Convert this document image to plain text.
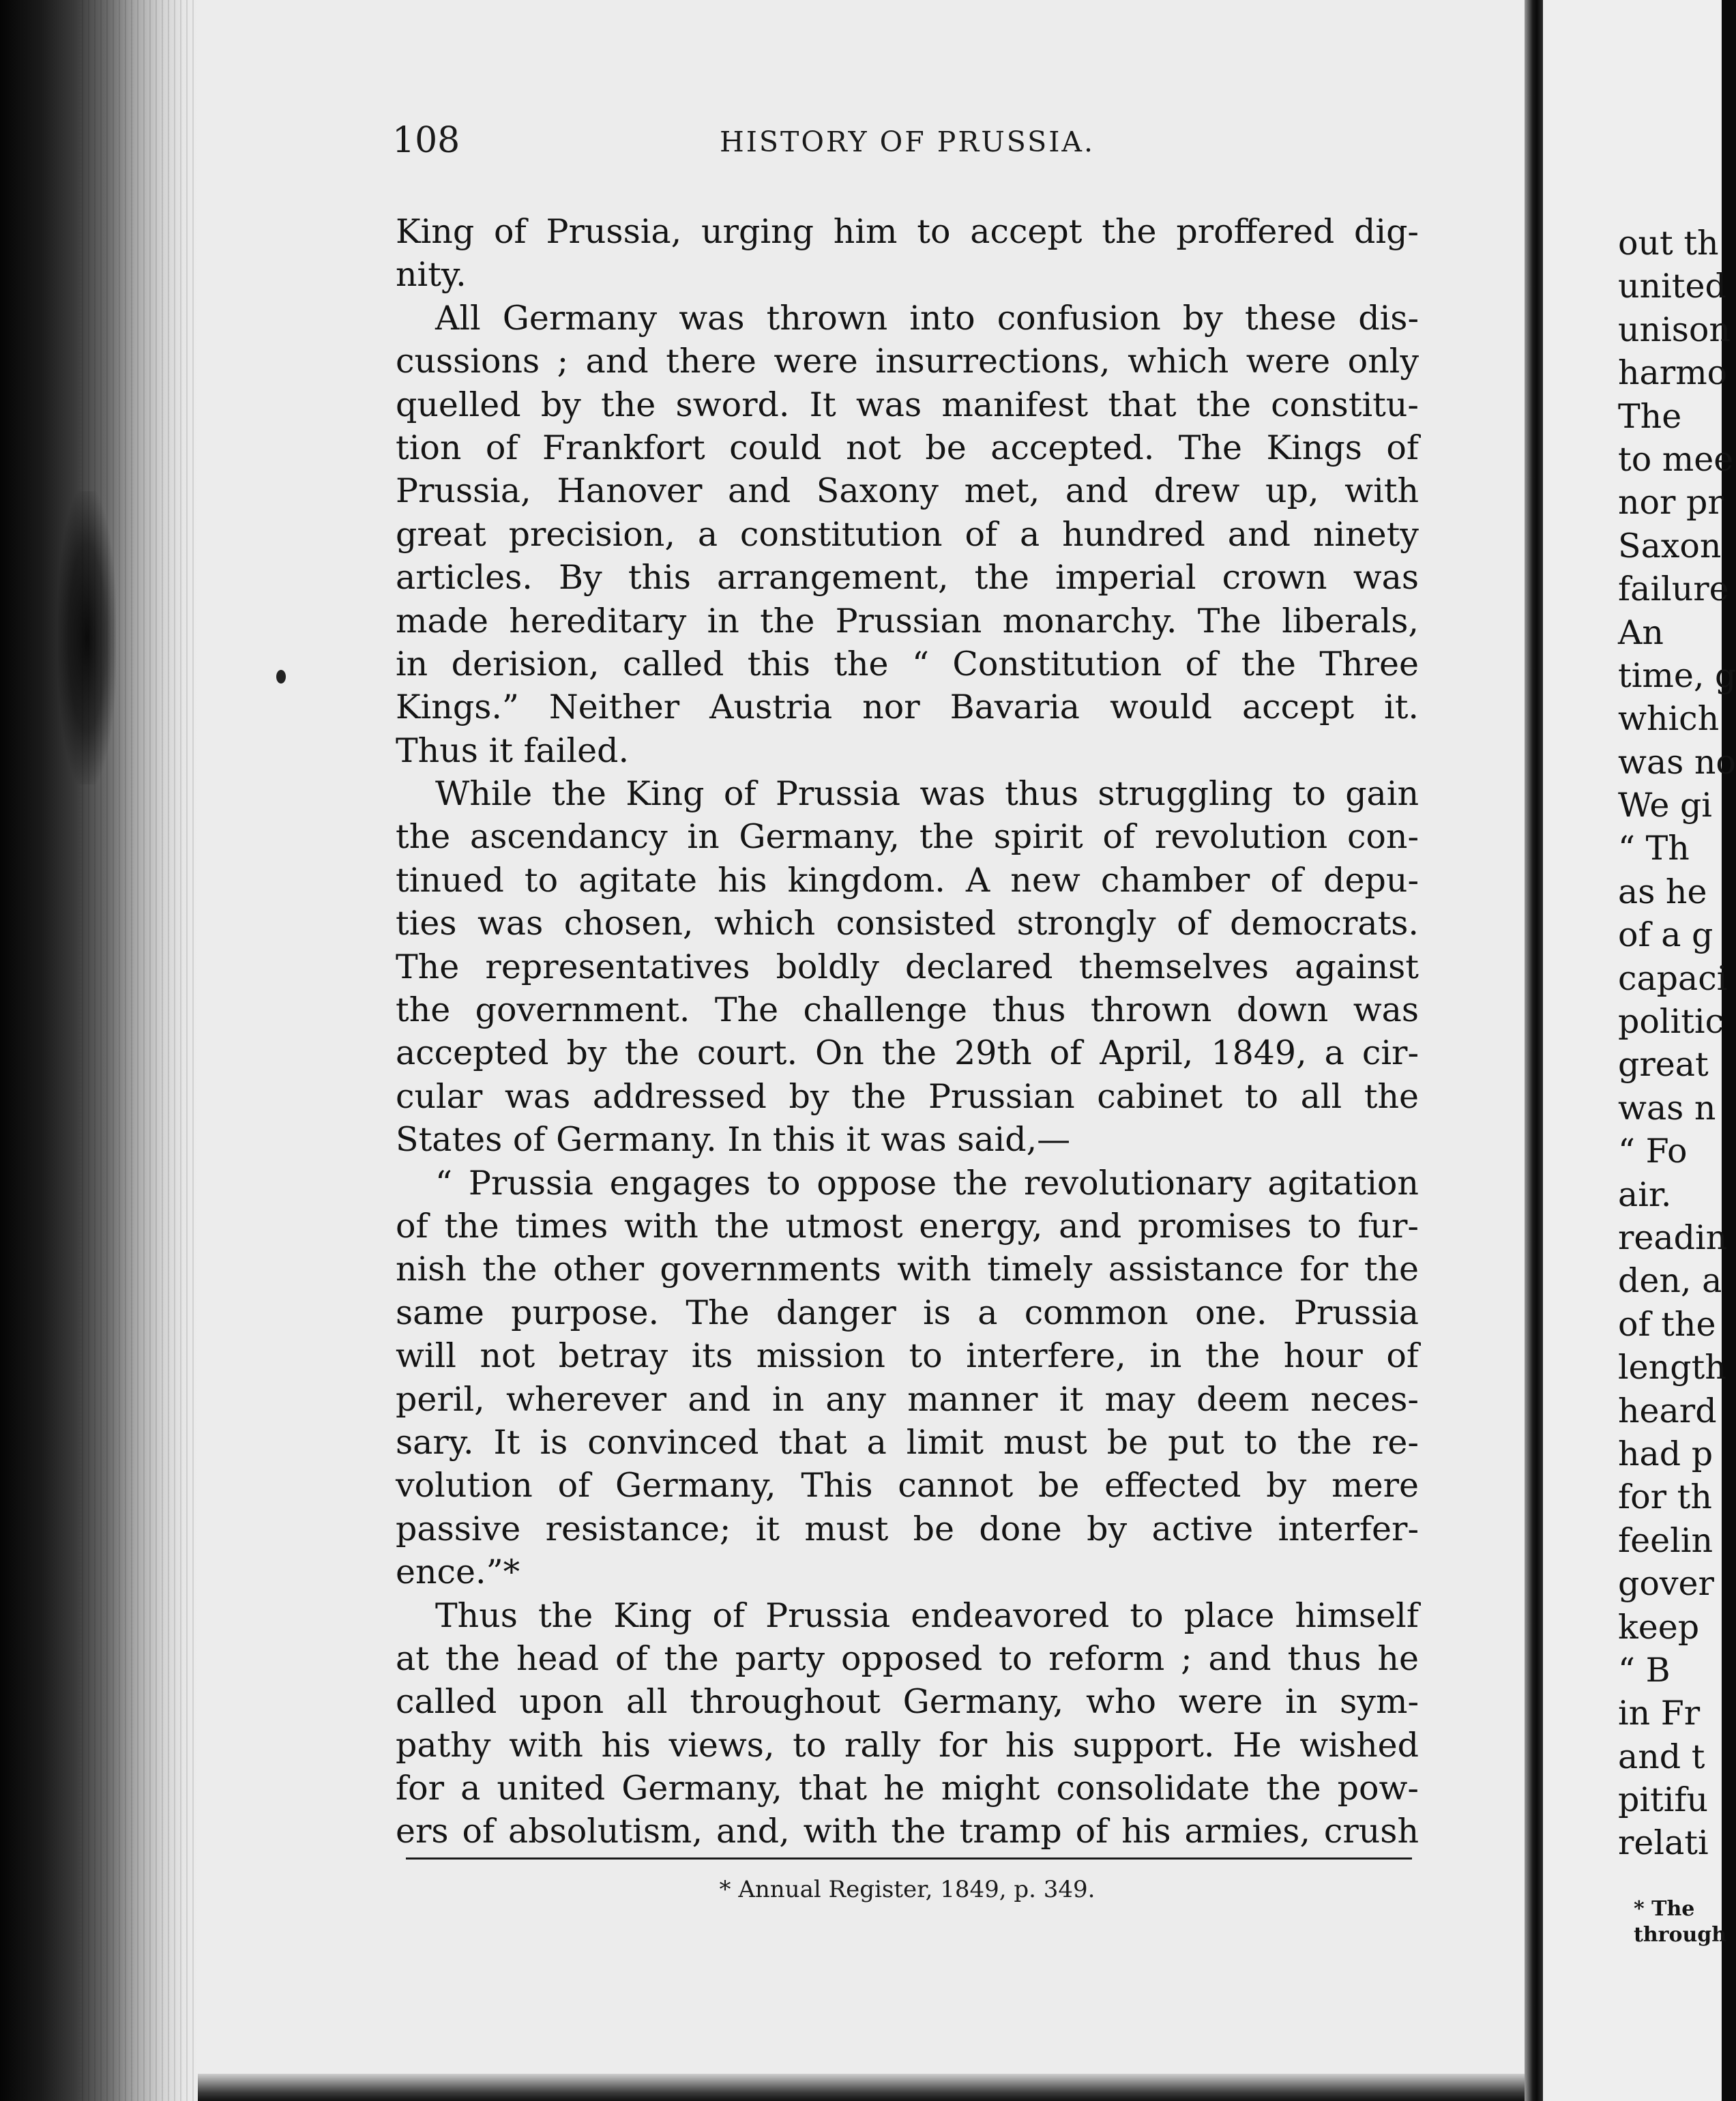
108	HISTORY OF PRUSSIA.
King of Prussia, urging him to accept the proffered dig-
nity.
All Germany was thrown into confusion by these dis-
cussions ; and there were insurrections, which were only
quelled by the sword. It was manifest that the constitu-
tion of Frankfort could not be accepted. The Kings of
Prussia, Hanover and Saxony met, and drew up, with
great precision, a constitution of a hundred and ninety
articles. By this arrangement, the imperial crown was
made hereditary in the Prussian monarchy. The liberals,
in derision, called this the “ Constitution of the Three
Kings.” Neither Austria nor Bavaria would accept it.
Thus it failed.
While the King of Prussia was thus struggling to gain
the ascendancy in Germany, the spirit of revolution con-
tinued to agitate his kingdom. A new chamber of depu-
ties was chosen, which consisted strongly of democrats.
The representatives boldly declared themselves against
the government. The challenge thus thrown down was
accepted by the court. On the 29th of April, 1849, a cir-
cular was addressed by the Prussian cabinet to all the
States of Germany. In this it was said,—
“ Prussia engages to oppose the revolutionary agitation
of the times with the utmost energy, and promises to fur-
nish the other governments with timely assistance for the
same purpose. The danger is a common one. Prussia
will not betray its mission to interfere, in the hour of
peril, wherever and in any manner it may deem neces-
sary. It is convinced that a limit must be put to the re-
volution of Germany, This cannot be effected by mere
passive resistance; it must be done by active interfer-
ence.”*
Thus the King of Prussia endeavored to place himself
at the head of the party opposed to reform ; and thus he
called upon all throughout Germany, who were in sym-
pathy with his views, to rally for his support. He wished
for a united Germany, that he might consolidate the pow-
ers of absolutism, and, with the tramp of his armies, crush
* Annual Register, 1849, p. 349.
out th
united
unison
harmo
The
to mee
nor pr
Saxon
failure
An
time, g
which
was no
We gi
“ Th
as he
of a g
capaci
politic
great
was n
“ Fo
air.
readin
den, a
of the
length
heard
had p
for th
feelin
gover
keep
“ B
in Fr
and t
pitifu
relati
* The
through
